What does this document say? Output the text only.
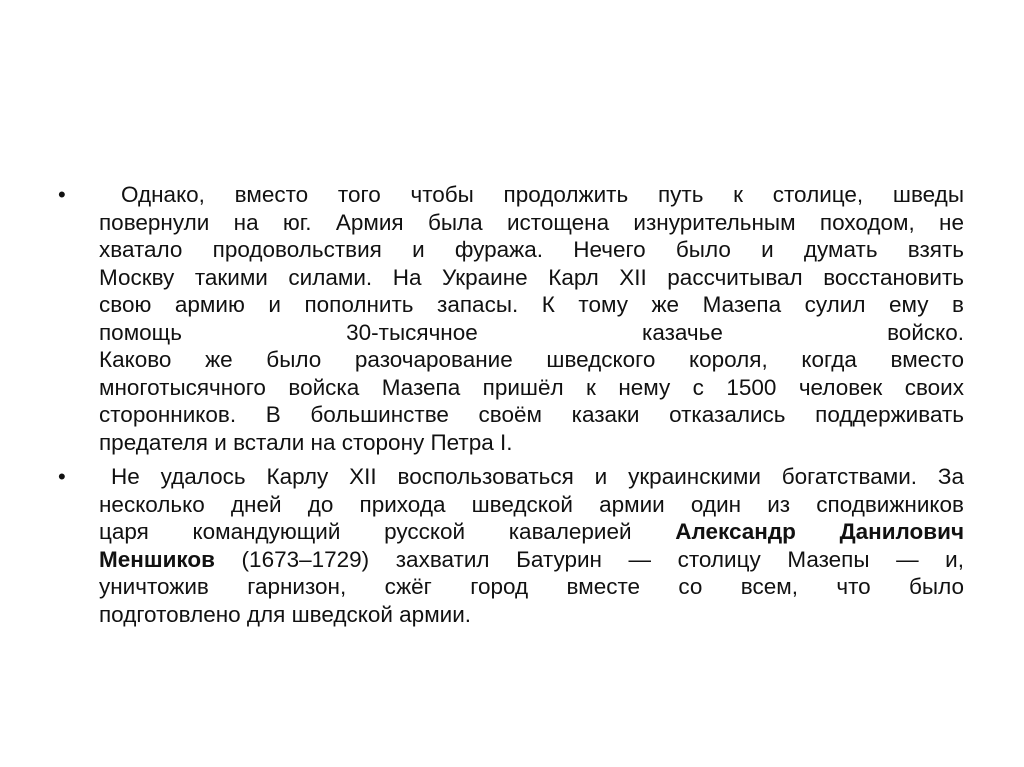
•	Однако, вместо того чтобы продолжить путь к столице, шведы
повернули на юг. Армия была истощена изнурительным походом, не
хватало продовольствия и фуража. Нечего было и думать взять
Москву такими силами. На Украине Карл XII рассчитывал восстановить
свою армию и пополнить запасы. К тому же Мазепа сулил ему в
помощь 30-тысячное казачье войско.
Каково же было разочарование шведского короля, когда вместо
многотысячного войска Мазепа пришёл к нему с 1500 человек своих
сторонников. В большинстве своём казаки отказались поддерживать
предателя и встали на сторону Петра I.
•	Не удалось Карлу XII воспользоваться и украинскими богатствами. За
несколько дней до прихода шведской армии один из сподвижников
царя командующий русской кавалерией Александр Данилович
Меншиков (1673–1729) захватил Батурин — столицу Мазепы — и,
уничтожив гарнизон, сжёг город вместе со всем, что было
подготовлено для шведской армии.
